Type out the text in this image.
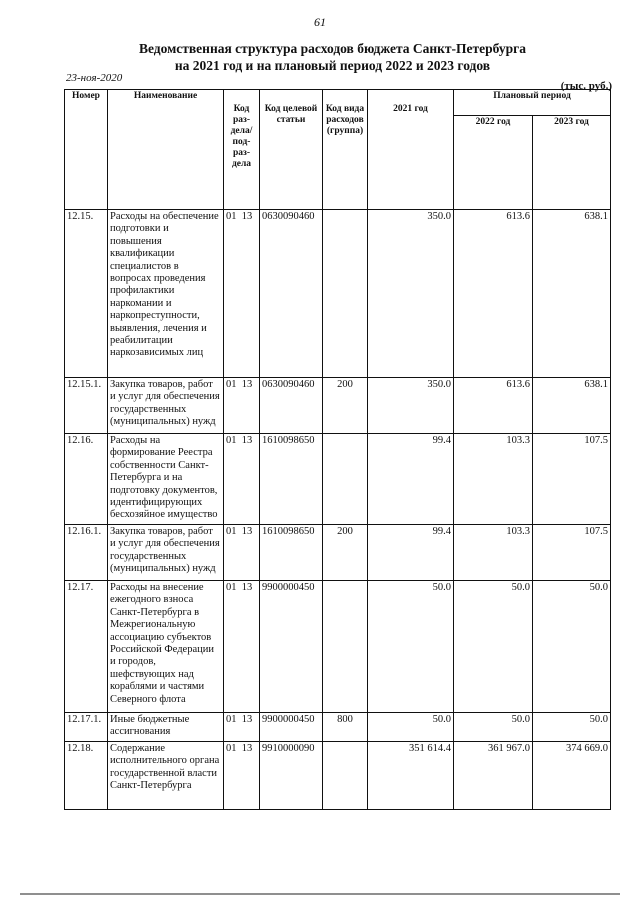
61
Ведомственная структура расходов бюджета Санкт-Петербурга
на 2021 год и на плановый период 2022 и 2023 годов
23-ноя-2020
(тыс. руб.)
Номер	Наименование	Код раз-дела/ под-раз-дела	Код целевой статьи	Код вида расходов (группа)	2021 год	Плановый период	
						2022 год	2023 год
12.15.	Расходы на обеспечение подготовки и повышения квалификации специалистов в вопросах проведения профилактики наркомании и наркопреступности, выявления, лечения и реабилитации наркозависимых лиц	01 13	0630090460		350.0	613.6	638.1
12.15.1.	Закупка товаров, работ и услуг для обеспечения государственных (муниципальных) нужд	01 13	0630090460	200	350.0	613.6	638.1
12.16.	Расходы на формирование Реестра собственности Санкт-Петербурга и на подготовку документов, идентифицирующих бесхозяйное имущество	01 13	1610098650		99.4	103.3	107.5
12.16.1.	Закупка товаров, работ и услуг для обеспечения государственных (муниципальных) нужд	01 13	1610098650	200	99.4	103.3	107.5
12.17.	Расходы на внесение ежегодного взноса Санкт-Петербурга в Межрегиональную ассоциацию субъектов Российской Федерации и городов, шефствующих над кораблями и частями Северного флота	01 13	9900000450		50.0	50.0	50.0
12.17.1.	Иные бюджетные ассигнования	01 13	9900000450	800	50.0	50.0	50.0
12.18.	Содержание исполнительного органа государственной власти Санкт-Петербурга	01 13	9910000090		351 614.4	361 967.0	374 669.0
